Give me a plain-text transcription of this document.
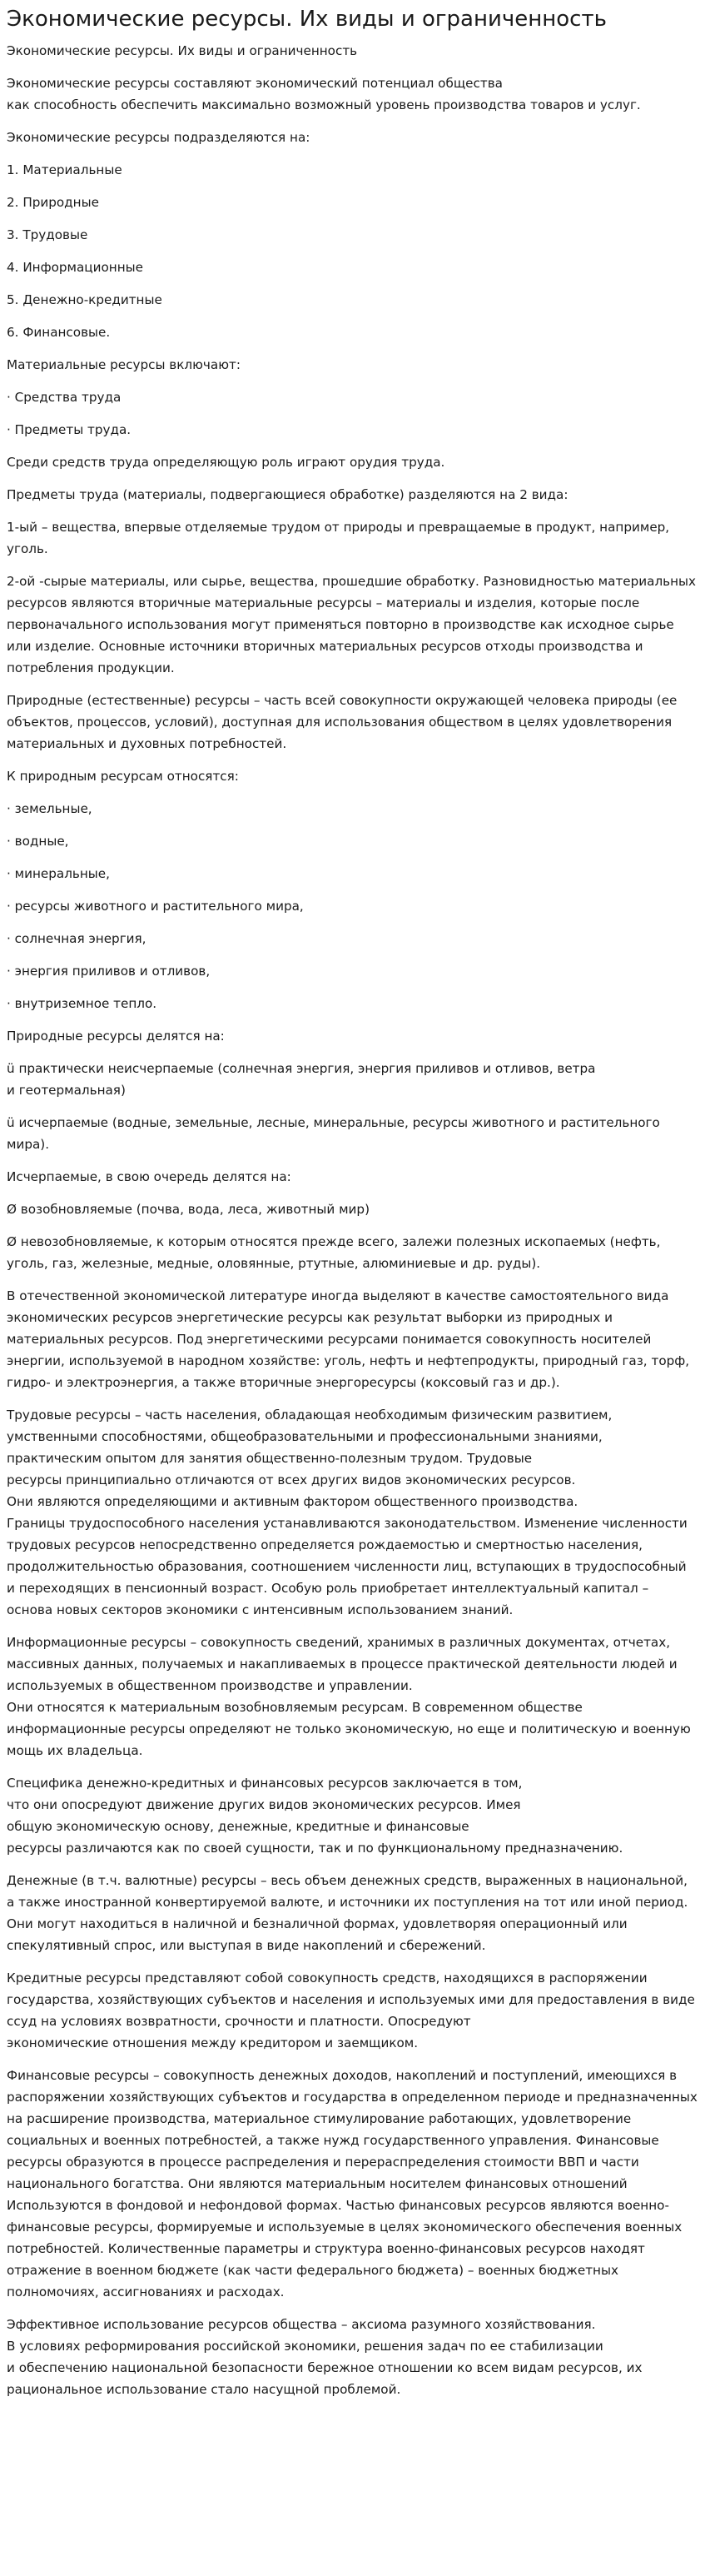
Экономические ресурсы. Их виды и ограниченность

Экономические ресурсы. Их виды и ограниченность

Экономические ресурсы составляют экономический потенциал общества
как способность обеспечить максимально возможный уровень производства товаров и услуг.

Экономические ресурсы подразделяются на:

1. Материальные

2. Природные

3. Трудовые

4. Информационные

5. Денежно-кредитные

6. Финансовые.

Материальные ресурсы включают:

· Средства труда

· Предметы труда.

Среди средств труда определяющую роль играют орудия труда.

Предметы труда (материалы, подвергающиеся обработке) разделяются на 2 вида:

1-ый – вещества, впервые отделяемые трудом от природы и превращаемые в продукт, например, уголь.

2-ой -сырые материалы, или сырье, вещества, прошедшие обработку. Разновидностью материальных ресурсов являются вторичные материальные ресурсы – материалы и изделия, которые после первоначального использования могут применяться повторно в производстве как исходное сырье или изделие. Основные источники вторичных материальных ресурсов отходы производства и потребления продукции.

Природные (естественные) ресурсы – часть всей совокупности окружающей человека природы (ее объектов, процессов, условий), доступная для использования обществом в целях удовлетворения материальных и духовных потребностей.

К природным ресурсам относятся:

· земельные,

· водные,

· минеральные,

· ресурсы животного и растительного мира,

· солнечная энергия,

· энергия приливов и отливов,

· внутриземное тепло.

Природные ресурсы делятся на:

ü практически неисчерпаемые (солнечная энергия, энергия приливов и отливов, ветра
и геотермальная)

ü исчерпаемые (водные, земельные, лесные, минеральные, ресурсы животного и растительного мира).

Исчерпаемые, в свою очередь делятся на:

Ø возобновляемые (почва, вода, леса, животный мир)

Ø невозобновляемые, к которым относятся прежде всего, залежи полезных ископаемых (нефть, уголь, газ, железные, медные, оловянные, ртутные, алюминиевые и др. руды).

В отечественной экономической литературе иногда выделяют в качестве самостоятельного вида экономических ресурсов энергетические ресурсы как результат выборки из природных и материальных ресурсов. Под энергетическими ресурсами понимается совокупность носителей энергии, используемой в народном хозяйстве: уголь, нефть и нефтепродукты, природный газ, торф, гидро- и электроэнергия, а также вторичные энергоресурсы (коксовый газ и др.).

Трудовые ресурсы – часть населения, обладающая необходимым физическим развитием, умственными способностями, общеобразовательными и профессиональными знаниями, практическим опытом для занятия общественно-полезным трудом. Трудовые
ресурсы принципиально отличаются от всех других видов экономических ресурсов.
Они являются определяющими и активным фактором общественного производства.
Границы трудоспособного населения устанавливаются законодательством. Изменение численности трудовых ресурсов непосредственно определяется рождаемостью и смертностью населения, продолжительностью образования, соотношением численности лиц, вступающих в трудоспособный и переходящих в пенсионный возраст. Особую роль приобретает интеллектуальный капитал – основа новых секторов экономики с интенсивным использованием знаний.

Информационные ресурсы – совокупность сведений, хранимых в различных документах, отчетах, массивных данных, получаемых и накапливаемых в процессе практической деятельности людей и используемых в общественном производстве и управлении.
Они относятся к материальным возобновляемым ресурсам. В современном обществе информационные ресурсы определяют не только экономическую, но еще и политическую и военную мощь их владельца.

Специфика денежно-кредитных и финансовых ресурсов заключается в том,
что они опосредуют движение других видов экономических ресурсов. Имея
общую экономическую основу, денежные, кредитные и финансовые
ресурсы различаются как по своей сущности, так и по функциональному предназначению.

Денежные (в т.ч. валютные) ресурсы – весь объем денежных средств, выраженных в национальной, а также иностранной конвертируемой валюте, и источники их поступления на тот или иной период. Они могут находиться в наличной и безналичной формах, удовлетворяя операционный или спекулятивный спрос, или выступая в виде накоплений и сбережений.

Кредитные ресурсы представляют собой совокупность средств, находящихся в распоряжении государства, хозяйствующих субъектов и населения и используемых ими для предоставления в виде ссуд на условиях возвратности, срочности и платности. Опосредуют
экономические отношения между кредитором и заемщиком.

Финансовые ресурсы – совокупность денежных доходов, накоплений и поступлений, имеющихся в распоряжении хозяйствующих субъектов и государства в определенном периоде и предназначенных на расширение производства, материальное стимулирование работающих, удовлетворение социальных и военных потребностей, а также нужд государственного управления. Финансовые ресурсы образуются в процессе распределения и перераспределения стоимости ВВП и части национального богатства. Они являются материальным носителем финансовых отношений Используются в фондовой и нефондовой формах. Частью финансовых ресурсов являются военно-финансовые ресурсы, формируемые и используемые в целях экономического обеспечения военных потребностей. Количественные параметры и структура военно-финансовых ресурсов находят отражение в военном бюджете (как части федерального бюджета) – военных бюджетных полномочиях, ассигнованиях и расходах.

Эффективное использование ресурсов общества – аксиома разумного хозяйствования.
В условиях реформирования российской экономики, решения задач по ее стабилизации
и обеспечению национальной безопасности бережное отношении ко всем видам ресурсов, их рациональное использование стало насущной проблемой.
